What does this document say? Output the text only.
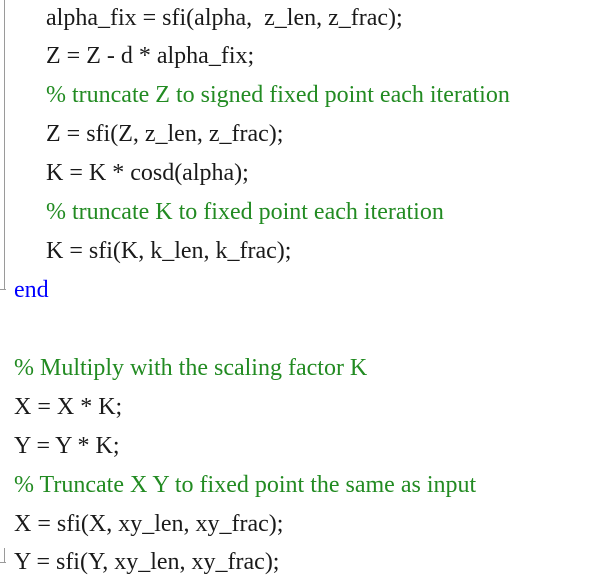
alpha_fix = sfi(alpha,  z_len, z_frac);
Z = Z - d * alpha_fix;
% truncate Z to signed fixed point each iteration
Z = sfi(Z, z_len, z_frac);
K = K * cosd(alpha);
% truncate K to fixed point each iteration
K = sfi(K, k_len, k_frac);
end
% Multiply with the scaling factor K
X = X * K;
Y = Y * K;
% Truncate X Y to fixed point the same as input
X = sfi(X, xy_len, xy_frac);
Y = sfi(Y, xy_len, xy_frac);
